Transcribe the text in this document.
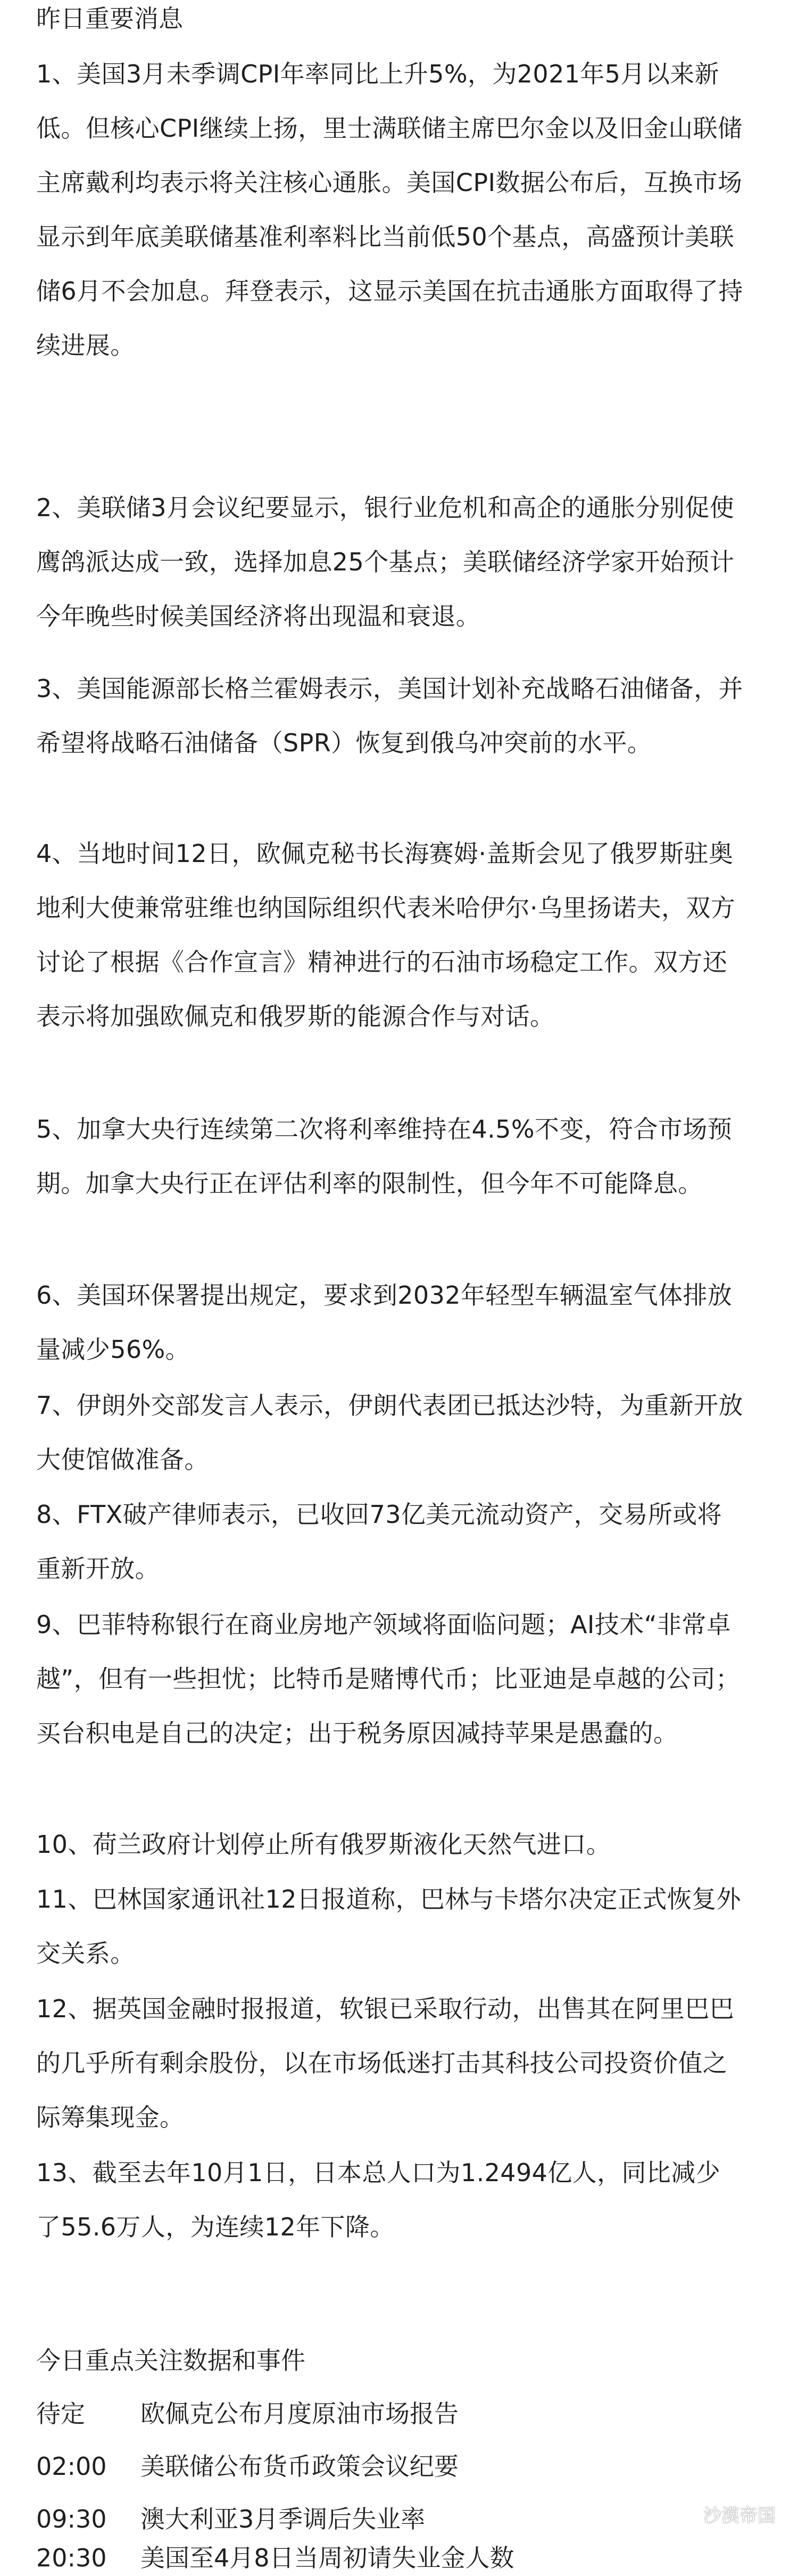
昨日重要消息
1、美国3月未季调CPI年率同比上升5%，为2021年5月以来新低。但核心CPI继续上扬，里士满联储主席巴尔金以及旧金山联储主席戴利均表示将关注核心通胀。美国CPI数据公布后，互换市场显示到年底美联储基准利率料比当前低50个基点，高盛预计美联储6月不会加息。拜登表示，这显示美国在抗击通胀方面取得了持续进展。
2、美联储3月会议纪要显示，银行业危机和高企的通胀分别促使鹰鸽派达成一致，选择加息25个基点；美联储经济学家开始预计今年晚些时候美国经济将出现温和衰退。
3、美国能源部长格兰霍姆表示，美国计划补充战略石油储备，并希望将战略石油储备（SPR）恢复到俄乌冲突前的水平。
4、当地时间12日，欧佩克秘书长海赛姆·盖斯会见了俄罗斯驻奥地利大使兼常驻维也纳国际组织代表米哈伊尔·乌里扬诺夫，双方讨论了根据《合作宣言》精神进行的石油市场稳定工作。双方还表示将加强欧佩克和俄罗斯的能源合作与对话。
5、加拿大央行连续第二次将利率维持在4.5%不变，符合市场预期。加拿大央行正在评估利率的限制性，但今年不可能降息。
6、美国环保署提出规定，要求到2032年轻型车辆温室气体排放量减少56%。
7、伊朗外交部发言人表示，伊朗代表团已抵达沙特，为重新开放大使馆做准备。
8、FTX破产律师表示，已收回73亿美元流动资产，交易所或将重新开放。
9、巴菲特称银行在商业房地产领域将面临问题；AI技术“非常卓越”，但有一些担忧；比特币是赌博代币；比亚迪是卓越的公司；买台积电是自己的决定；出于税务原因减持苹果是愚蠢的。
10、荷兰政府计划停止所有俄罗斯液化天然气进口。
11、巴林国家通讯社12日报道称，巴林与卡塔尔决定正式恢复外交关系。
12、据英国金融时报报道，软银已采取行动，出售其在阿里巴巴的几乎所有剩余股份，以在市场低迷打击其科技公司投资价值之际筹集现金。
13、截至去年10月1日，日本总人口为1.2494亿人，同比减少了55.6万人，为连续12年下降。
今日重点关注数据和事件
待定 欧佩克公布月度原油市场报告
02:00 美联储公布货币政策会议纪要
09:30 澳大利亚3月季调后失业率
20:30 美国至4月8日当周初请失业金人数
沙漠帝国
